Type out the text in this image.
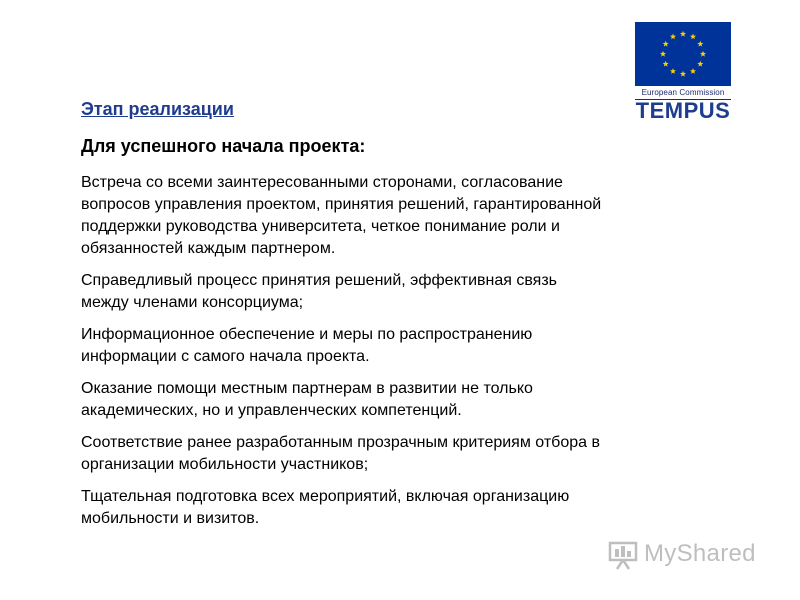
European Commission
TEMPUS
Этап реализации
Для успешного начала проекта:
Встреча со всеми заинтересованными сторонами, согласование
вопросов управления проектом, принятия решений, гарантированной
поддержки руководства университета, четкое понимание роли и
обязанностей каждым партнером.
Справедливый процесс принятия решений, эффективная связь
между членами консорциума;
Информационное обеспечение и меры по распространению
информации с самого начала проекта.
Оказание помощи местным партнерам в развитии не только
академических, но и управленческих компетенций.
Соответствие ранее разработанным прозрачным критериям отбора в
организации мобильности участников;
Тщательная подготовка всех мероприятий, включая организацию
мобильности и визитов.
MyShared
